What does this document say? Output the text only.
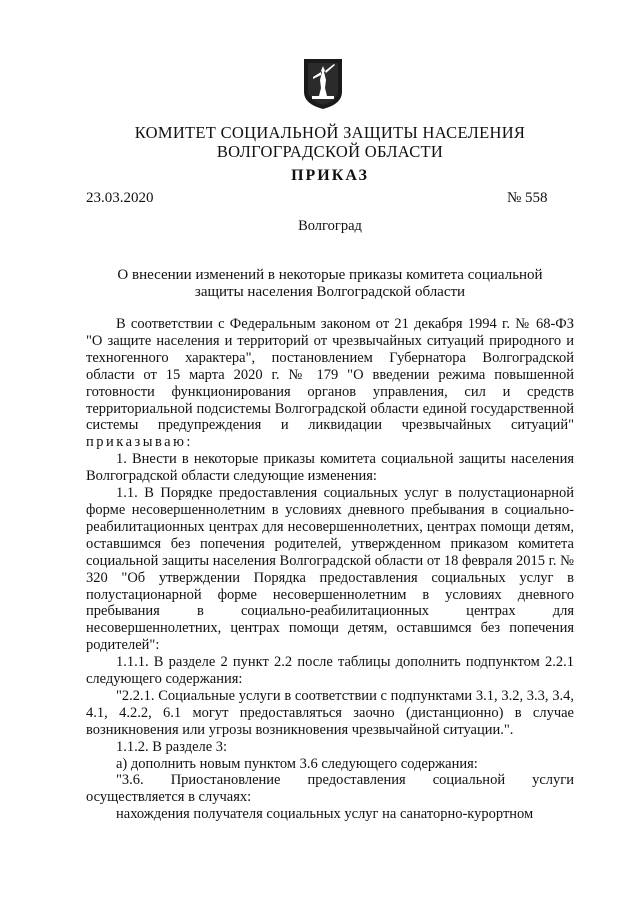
КОМИТЕТ СОЦИАЛЬНОЙ ЗАЩИТЫ НАСЕЛЕНИЯ
ВОЛГОГРАДСКОЙ ОБЛАСТИ
ПРИКАЗ
23.03.2020	№ 558
Волгоград
О внесении изменений в некоторые приказы комитета социальной
защиты населения Волгоградской области

В соответствии с Федеральным законом от 21 декабря 1994 г. № 68-ФЗ "О защите населения и территорий от чрезвычайных ситуаций природного и техногенного характера", постановлением Губернатора Волгоградской области от 15 марта 2020 г. № 179 "О введении режима повышенной готовности функционирования органов управления, сил и средств территориальной подсистемы Волгоградской области единой государственной системы предупреждения и ликвидации чрезвычайных ситуаций" приказываю:

1. Внести в некоторые приказы комитета социальной защиты населения Волгоградской области следующие изменения:

1.1. В Порядке предоставления социальных услуг в полустационарной форме несовершеннолетним в условиях дневного пребывания в социально-реабилитационных центрах для несовершеннолетних, центрах помощи детям, оставшимся без попечения родителей, утвержденном приказом комитета социальной защиты населения Волгоградской области от 18 февраля 2015 г. № 320 "Об утверждении Порядка предоставления социальных услуг в полустационарной форме несовершеннолетним в условиях дневного пребывания в социально-реабилитационных центрах для несовершеннолетних, центрах помощи детям, оставшимся без попечения родителей":

1.1.1. В разделе 2 пункт 2.2 после таблицы дополнить подпунктом 2.2.1 следующего содержания:

"2.2.1. Социальные услуги в соответствии с подпунктами 3.1, 3.2, 3.3, 3.4, 4.1, 4.2.2, 6.1 могут предоставляться заочно (дистанционно) в случае возникновения или угрозы возникновения чрезвычайной ситуации.".

1.1.2. В разделе 3:

а) дополнить новым пунктом 3.6 следующего содержания:

"3.6. Приостановление предоставления социальной услуги осуществляется в случаях:

нахождения получателя социальных услуг на санаторно-курортном
